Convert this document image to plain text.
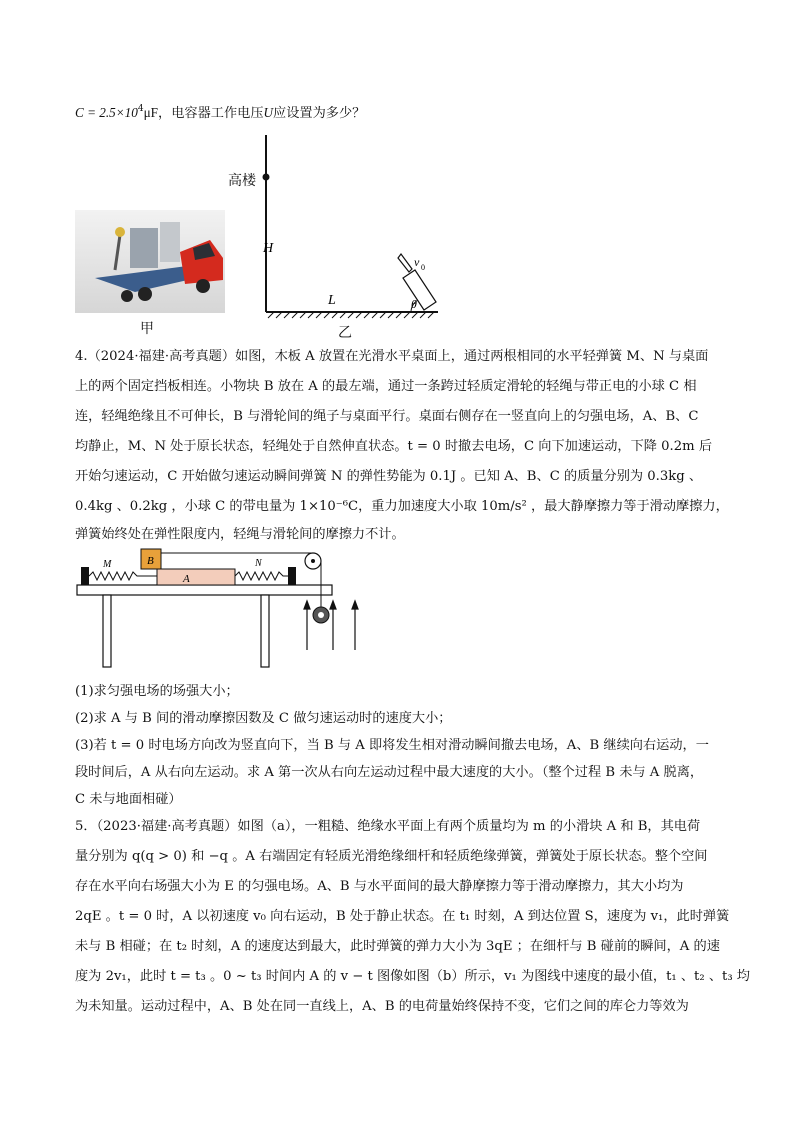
$C = 2.5\times 10^4\mu F$，电容器工作电压U应设置为多少？
甲
H
L
v 0
θ
高楼
乙
4.（2024·福建·高考真题）如图，木板 A 放置在光滑水平桌面上，通过两根相同的水平轻弹簧 M、N 与桌面
上的两个固定挡板相连。小物块 B 放在 A 的最左端，通过一条跨过轻质定滑轮的轻绳与带正电的小球 C 相
连，轻绳绝缘且不可伸长，B 与滑轮间的绳子与桌面平行。桌面右侧存在一竖直向上的匀强电场，A、B、C
均静止，M、N 处于原长状态，轻绳处于自然伸直状态。t = 0 时撤去电场，C 向下加速运动，下降 0.2m 后
开始匀速运动，C 开始做匀速运动瞬间弹簧 N 的弹性势能为 0.1J 。已知 A、B、C 的质量分别为 0.3kg 、
0.4kg 、0.2kg ，小球 C 的带电量为 1×10⁻⁶C，重力加速度大小取 10m/s² ，最大静摩擦力等于滑动摩擦力，
弹簧始终处在弹性限度内，轻绳与滑轮间的摩擦力不计。
M	B
A
N
(1)求匀强电场的场强大小；
(2)求 A 与 B 间的滑动摩擦因数及 C 做匀速运动时的速度大小；
(3)若 t = 0 时电场方向改为竖直向下，当 B 与 A 即将发生相对滑动瞬间撤去电场，A、B 继续向右运动，一
段时间后，A 从右向左运动。求 A 第一次从右向左运动过程中最大速度的大小。（整个过程 B 未与 A 脱离，
C 未与地面相碰）
5．（2023·福建·高考真题）如图（a），一粗糙、绝缘水平面上有两个质量均为 m 的小滑块 A 和 B，其电荷
量分别为 q(q > 0) 和 −q 。A 右端固定有轻质光滑绝缘细杆和轻质绝缘弹簧，弹簧处于原长状态。整个空间
存在水平向右场强大小为 E 的匀强电场。A、B 与水平面间的最大静摩擦力等于滑动摩擦力，其大小均为
2qE 。t = 0 时，A 以初速度 v₀ 向右运动，B 处于静止状态。在 t₁ 时刻，A 到达位置 S，速度为 v₁，此时弹簧
未与 B 相碰；在 t₂ 时刻，A 的速度达到最大，此时弹簧的弹力大小为 3qE ；在细杆与 B 碰前的瞬间，A 的速
度为 2v₁，此时 t = t₃ 。0 ~ t₃ 时间内 A 的 v − t 图像如图（b）所示，v₁ 为图线中速度的最小值，t₁ 、t₂ 、t₃ 均
为未知量。运动过程中，A、B 处在同一直线上，A、B 的电荷量始终保持不变，它们之间的库仑力等效为
